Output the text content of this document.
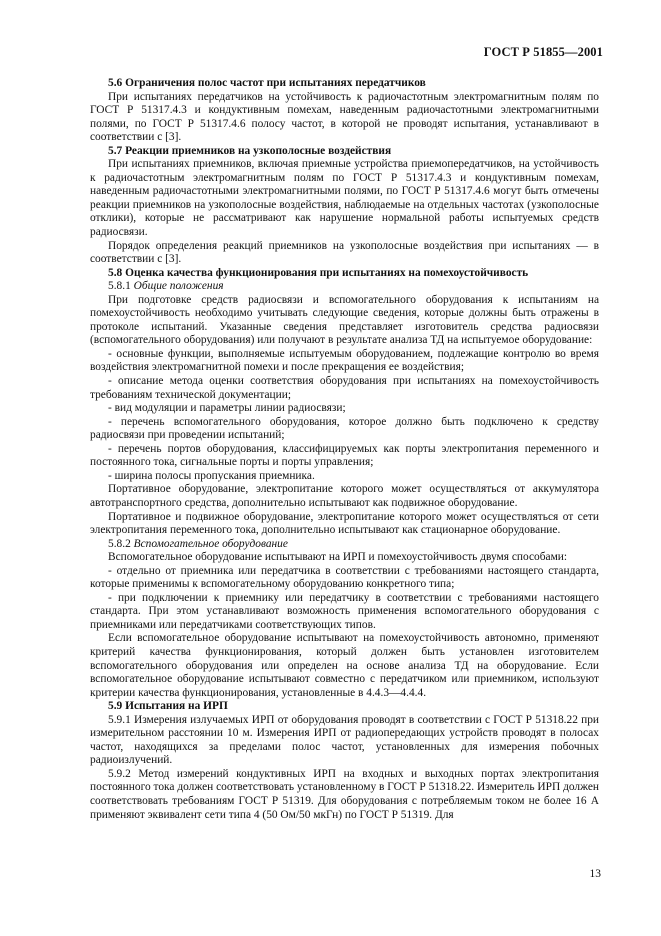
ГОСТ Р 51855—2001

5.6 Ограничения полос частот при испытаниях передатчиков

При испытаниях передатчиков на устойчивость к радиочастотным электромагнитным полям по ГОСТ Р 51317.4.3 и кондуктивным помехам, наведенным радиочастотными электромагнитными полями, по ГОСТ Р 51317.4.6 полосу частот, в которой не проводят испытания, устанавливают в соответствии с [3].

5.7 Реакции приемников на узкополосные воздействия

При испытаниях приемников, включая приемные устройства приемопередатчиков, на устойчивость к радиочастотным электромагнитным полям по ГОСТ Р 51317.4.3 и кондуктивным помехам, наведенным радиочастотными электромагнитными полями, по ГОСТ Р 51317.4.6 могут быть отмечены реакции приемников на узкополосные воздействия, наблюдаемые на отдельных частотах (узкополосные отклики), которые не рассматривают как нарушение нормальной работы испытуемых средств радиосвязи.

Порядок определения реакций приемников на узкополосные воздействия при испытаниях — в соответствии с [3].

5.8 Оценка качества функционирования при испытаниях на помехоустойчивость

5.8.1 Общие положения

При подготовке средств радиосвязи и вспомогательного оборудования к испытаниям на помехоустойчивость необходимо учитывать следующие сведения, которые должны быть отражены в протоколе испытаний. Указанные сведения представляет изготовитель средства радиосвязи (вспомогательного оборудования) или получают в результате анализа ТД на испытуемое оборудование:

- основные функции, выполняемые испытуемым оборудованием, подлежащие контролю во время воздействия электромагнитной помехи и после прекращения ее воздействия;

- описание метода оценки соответствия оборудования при испытаниях на помехоустойчивость требованиям технической документации;

- вид модуляции и параметры линии радиосвязи;

- перечень вспомогательного оборудования, которое должно быть подключено к средству радиосвязи при проведении испытаний;

- перечень портов оборудования, классифицируемых как порты электропитания переменного и постоянного тока, сигнальные порты и порты управления;

- ширина полосы пропускания приемника.

Портативное оборудование, электропитание которого может осуществляться от аккумулятора автотранспортного средства, дополнительно испытывают как подвижное оборудование.

Портативное и подвижное оборудование, электропитание которого может осуществляться от сети электропитания переменного тока, дополнительно испытывают как стационарное оборудование.

5.8.2 Вспомогательное оборудование

Вспомогательное оборудование испытывают на ИРП и помехоустойчивость двумя способами:

- отдельно от приемника или передатчика в соответствии с требованиями настоящего стандарта, которые применимы к вспомогательному оборудованию конкретного типа;

- при подключении к приемнику или передатчику в соответствии с требованиями настоящего стандарта. При этом устанавливают возможность применения вспомогательного оборудования с приемниками или передатчиками соответствующих типов.

Если вспомогательное оборудование испытывают на помехоустойчивость автономно, применяют критерий качества функционирования, который должен быть установлен изготовителем вспомогательного оборудования или определен на основе анализа ТД на оборудование. Если вспомогательное оборудование испытывают совместно с передатчиком или приемником, используют критерии качества функционирования, установленные в 4.4.3—4.4.4.

5.9 Испытания на ИРП

5.9.1 Измерения излучаемых ИРП от оборудования проводят в соответствии с ГОСТ Р 51318.22 при измерительном расстоянии 10 м. Измерения ИРП от радиопередающих устройств проводят в полосах частот, находящихся за пределами полос частот, установленных для измерения побочных радиоизлучений.

5.9.2 Метод измерений кондуктивных ИРП на входных и выходных портах электропитания постоянного тока должен соответствовать установленному в ГОСТ Р 51318.22. Измеритель ИРП должен соответствовать требованиям ГОСТ Р 51319. Для оборудования с потребляемым током не более 16 А применяют эквивалент сети типа 4 (50 Ом/50 мкГн) по ГОСТ Р 51319. Для

13
